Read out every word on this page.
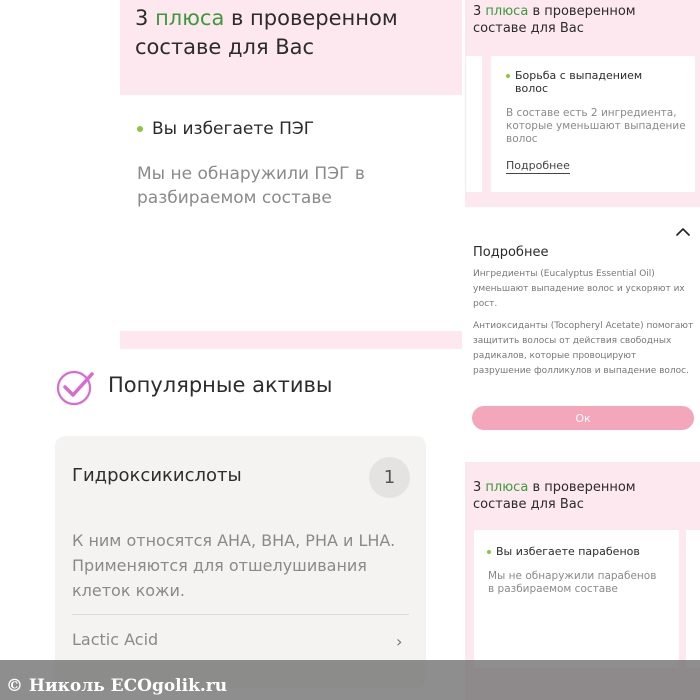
3 плюса в проверенном составе для Вас
Вы избегаете ПЭГ
Мы не обнаружили ПЭГ в разбираемом составе
Популярные активы
Гидроксикислоты	1
К ним относятся AHA, BHA, PHA и LHA. Применяются для отшелушивания клеток кожи.
Lactic Acid	›
3 плюса в проверенном составе для Вас
Борьба с выпадением волос
В составе есть 2 ингредиента, которые уменьшают выпадение волос
Подробнее
Подробнее
Ингредиенты (Eucalyptus Essential Oil) уменьшают выпадение волос и ускоряют их рост.
Антиоксиданты (Tocopheryl Acetate) помогают защитить волосы от действия свободных радикалов, которые провоцируют разрушение фолликулов и выпадение волос.
Ок
3 плюса в проверенном составе для Вас
Вы избегаете парабенов
Мы не обнаружили парабенов в разбираемом составе
© Николь ECOgolik.ru
